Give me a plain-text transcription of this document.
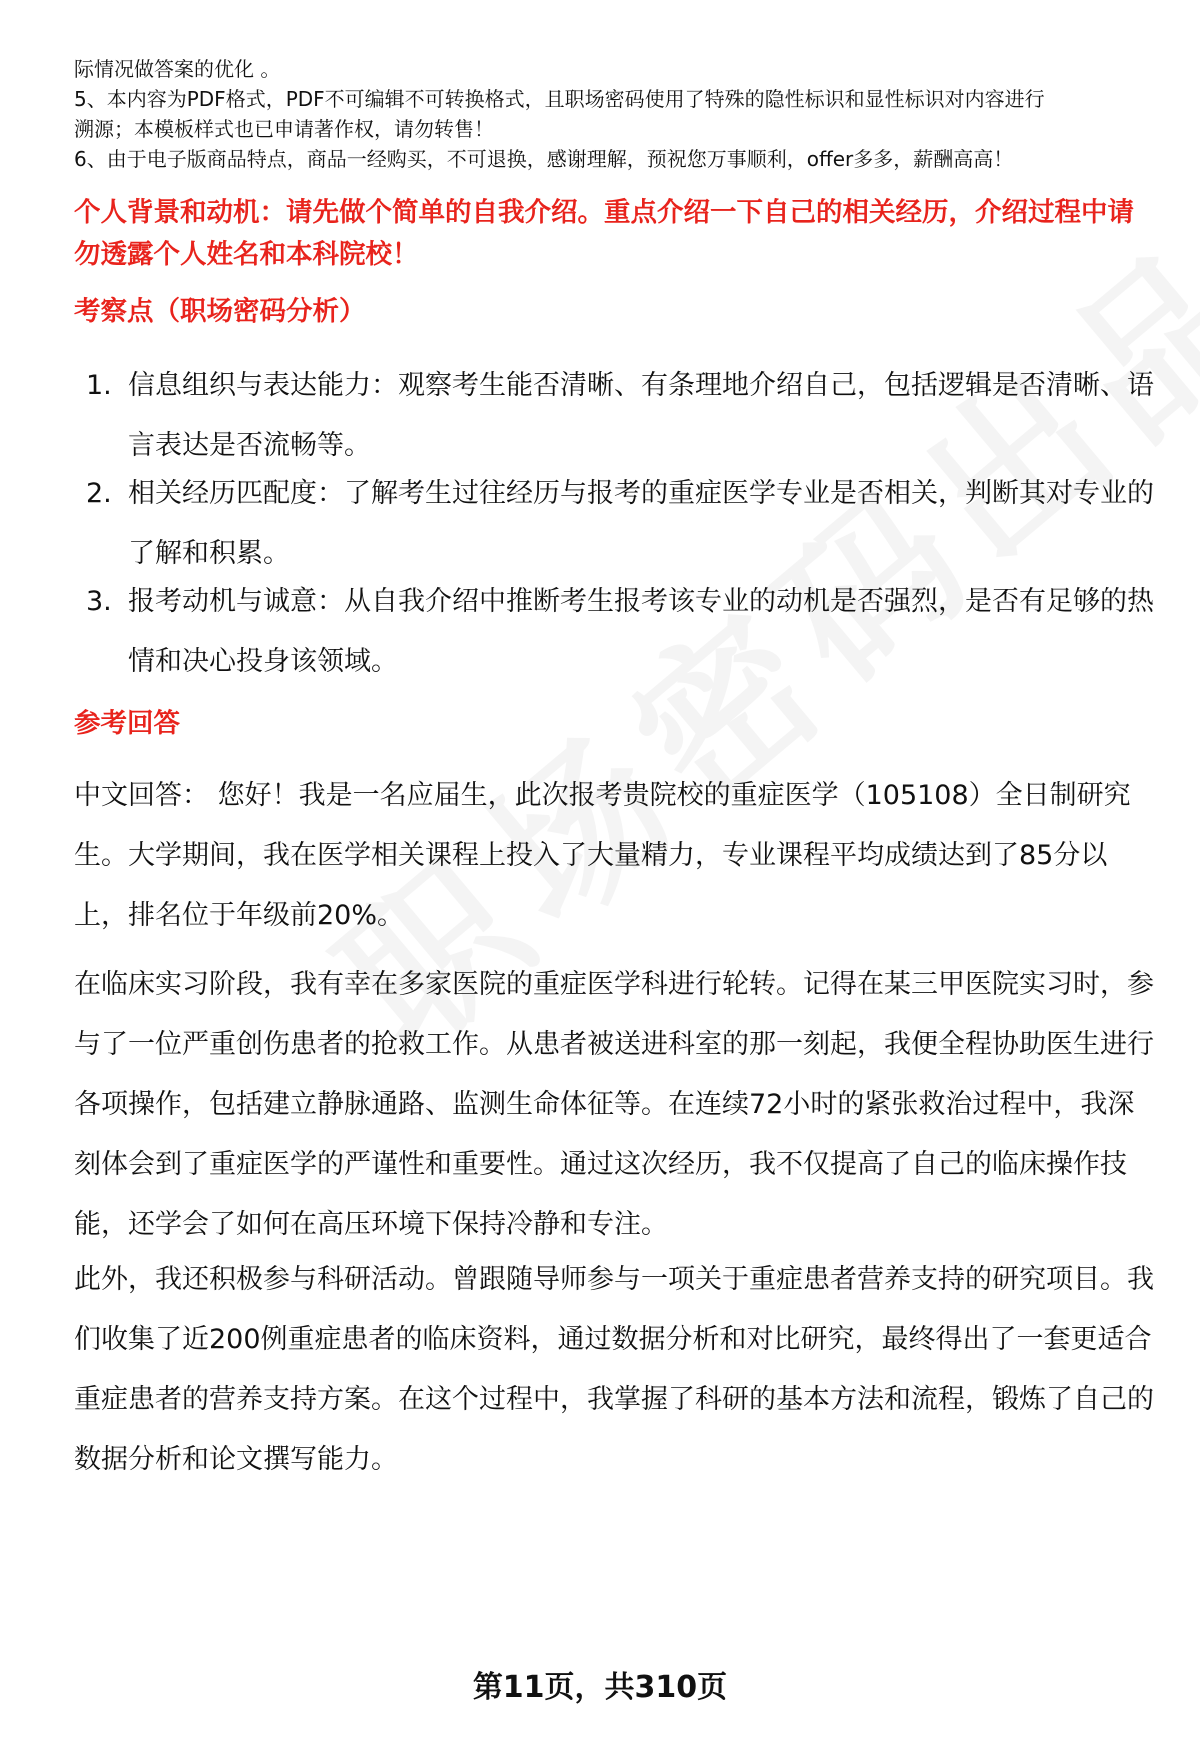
际情况做答案的优化 。
5、本内容为PDF格式，PDF不可编辑不可转换格式，且职场密码使用了特殊的隐性标识和显性标识对内容进行
溯源；本模板样式也已申请著作权，请勿转售！
6、由于电子版商品特点，商品一经购买，不可退换，感谢理解，预祝您万事顺利，offer多多，薪酬高高！
个人背景和动机：请先做个简单的自我介绍。重点介绍一下自己的相关经历，介绍过程中请勿透露个人姓名和本科院校！
考察点（职场密码分析）
1. 信息组织与表达能力：观察考生能否清晰、有条理地介绍自己，包括逻辑是否清晰、语言表达是否流畅等。
2. 相关经历匹配度：了解考生过往经历与报考的重症医学专业是否相关，判断其对专业的了解和积累。
3. 报考动机与诚意：从自我介绍中推断考生报考该专业的动机是否强烈，是否有足够的热情和决心投身该领域。
参考回答

中文回答： 您好！我是一名应届生，此次报考贵院校的重症医学（105108）全日制研究生。大学期间，我在医学相关课程上投入了大量精力，专业课程平均成绩达到了85分以上，排名位于年级前20%。

在临床实习阶段，我有幸在多家医院的重症医学科进行轮转。记得在某三甲医院实习时，参与了一位严重创伤患者的抢救工作。从患者被送进科室的那一刻起，我便全程协助医生进行各项操作，包括建立静脉通路、监测生命体征等。在连续72小时的紧张救治过程中，我深刻体会到了重症医学的严谨性和重要性。通过这次经历，我不仅提高了自己的临床操作技能，还学会了如何在高压环境下保持冷静和专注。

此外，我还积极参与科研活动。曾跟随导师参与一项关于重症患者营养支持的研究项目。我们收集了近200例重症患者的临床资料，通过数据分析和对比研究，最终得出了一套更适合重症患者的营养支持方案。在这个过程中，我掌握了科研的基本方法和流程，锻炼了自己的数据分析和论文撰写能力。

第11页，共310页
